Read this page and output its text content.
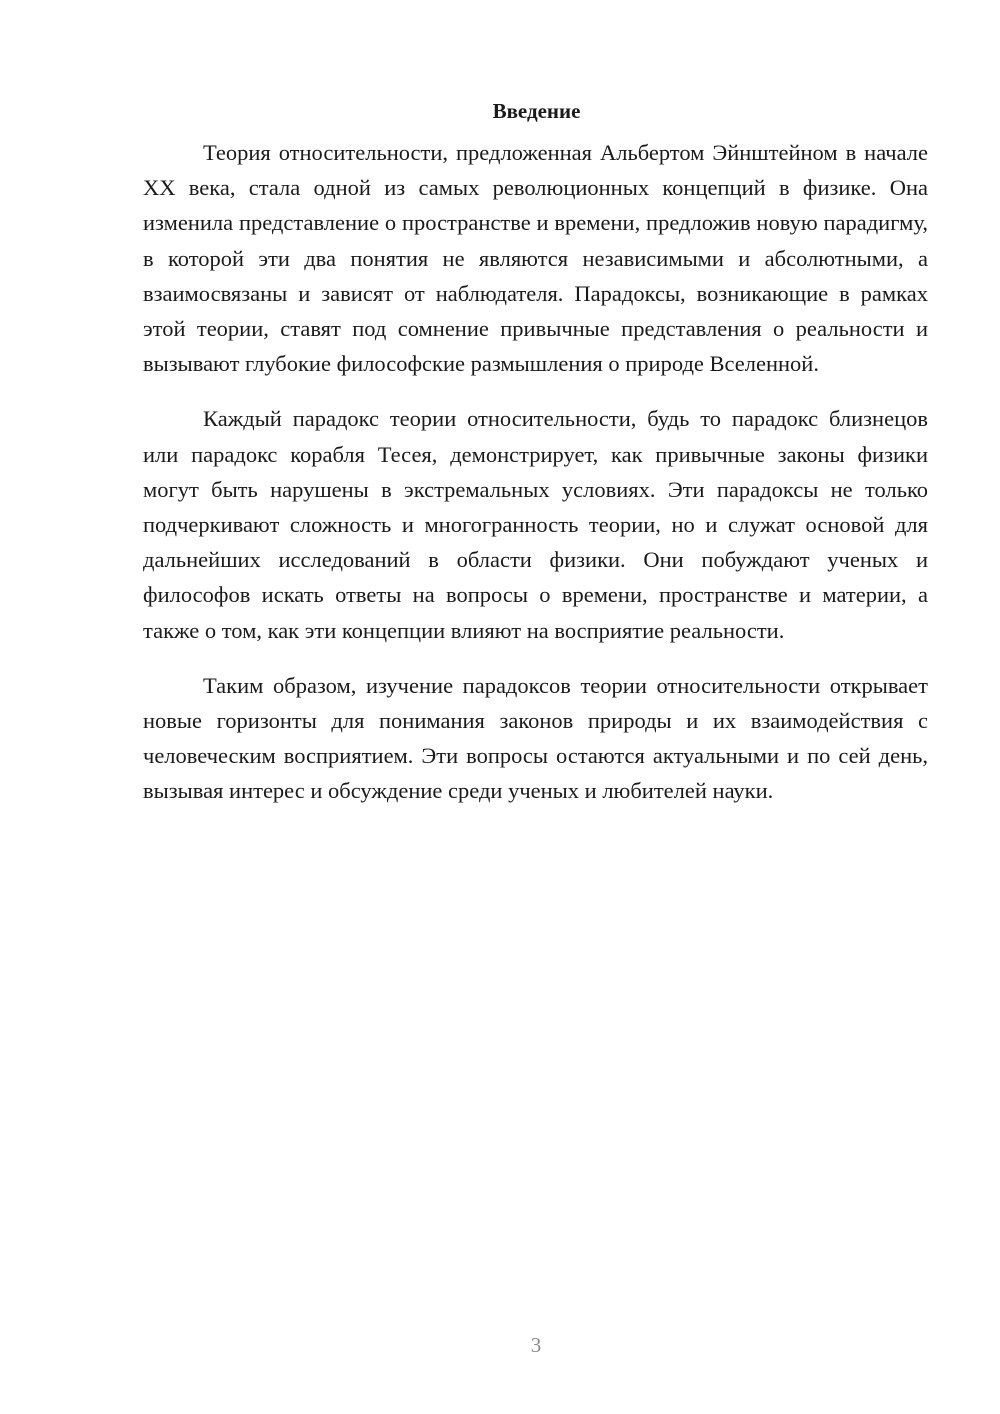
Введение

Теория относительности, предложенная Альбертом Эйнштейном в начале XX века, стала одной из самых революционных концепций в физике. Она изменила представление о пространстве и времени, предложив новую парадигму, в которой эти два понятия не являются независимыми и абсолютными, а взаимосвязаны и зависят от наблюдателя. Парадоксы, возникающие в рамках этой теории, ставят под сомнение привычные представления о реальности и вызывают глубокие философские размышления о природе Вселенной.

Каждый парадокс теории относительности, будь то парадокс близнецов или парадокс корабля Тесея, демонстрирует, как привычные законы физики могут быть нарушены в экстремальных условиях. Эти парадоксы не только подчеркивают сложность и многогранность теории, но и служат основой для дальнейших исследований в области физики. Они побуждают ученых и философов искать ответы на вопросы о времени, пространстве и материи, а также о том, как эти концепции влияют на восприятие реальности.

Таким образом, изучение парадоксов теории относительности открывает новые горизонты для понимания законов природы и их взаимодействия с человеческим восприятием. Эти вопросы остаются актуальными и по сей день, вызывая интерес и обсуждение среди ученых и любителей науки.

3
